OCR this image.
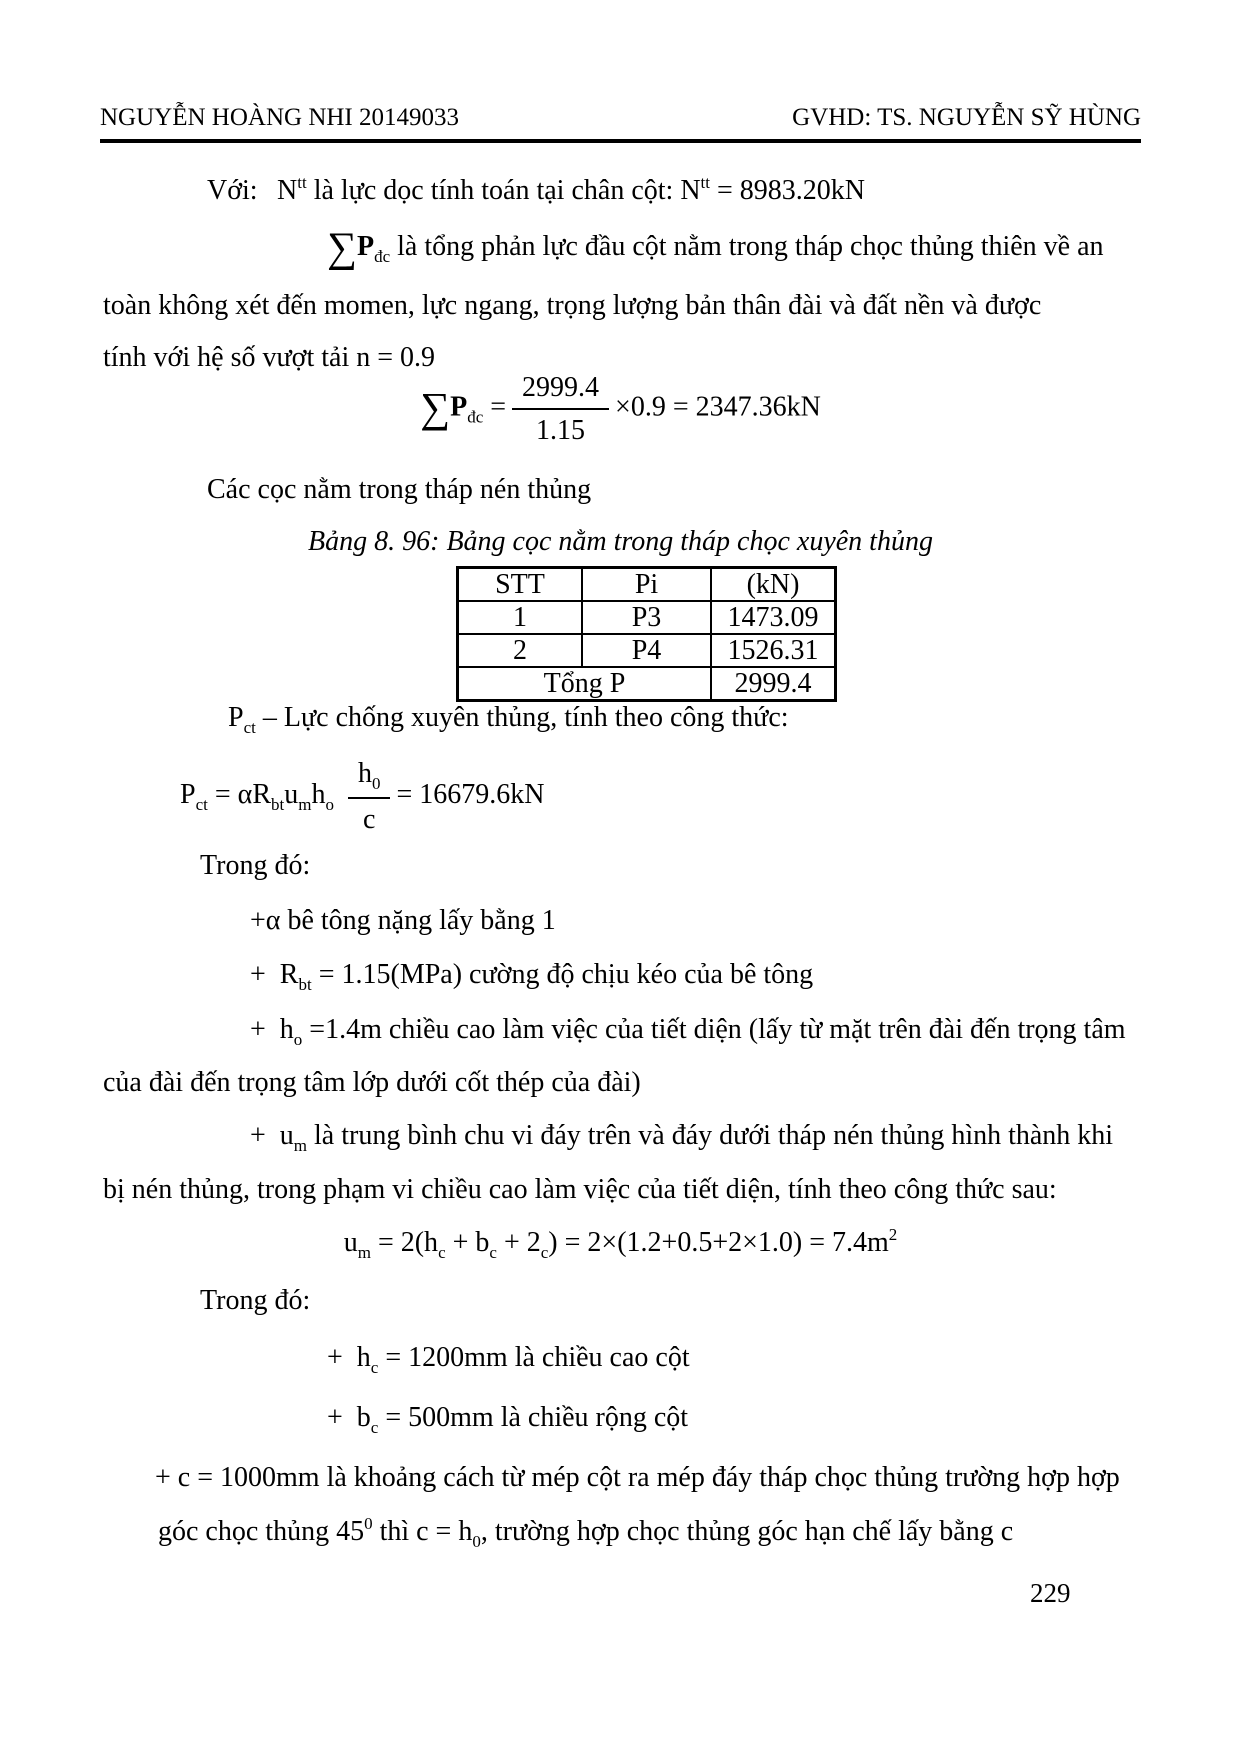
NGUYỄN HOÀNG NHI 20149033	GVHD: TS. NGUYỄN SỸ HÙNG
Với: $N^{tt}$ là lực dọc tính toán tại chân cột: $N^{tt} = 8983.20kN$
$\sum P_{đc}$ là tổng phản lực đầu cột nằm trong tháp chọc thủng thiên về an
toàn không xét đến momen, lực ngang, trọng lượng bản thân đài và đất nền và được
tính với hệ số vượt tải n = 0.9
$\sum P_{đc} = \frac{2999.4}{1.15} \times 0.9 = 2347.36kN$
Các cọc nằm trong tháp nén thủng
Bảng 8. 96: Bảng cọc nằm trong tháp chọc xuyên thủng
STT	Pi	(kN)
1	P3	1473.09
2	P4	1526.31
Tổng P		2999.4
$P_{ct}$ – Lực chống xuyên thủng, tính theo công thức:
$P_{ct} = \alpha R_{bt}u_mh_o \frac{h_0}{c} = 16679.6kN$
Trong đó:
+α bê tông nặng lấy bằng 1
+ $R_{bt} = 1.15(MPa)$ cường độ chịu kéo của bê tông
+ $h_o =1.4m$ chiều cao làm việc của tiết diện (lấy từ mặt trên đài đến trọng tâm
của đài đến trọng tâm lớp dưới cốt thép của đài)
+ $u_m$ là trung bình chu vi đáy trên và đáy dưới tháp nén thủng hình thành khi
bị nén thủng, trong phạm vi chiều cao làm việc của tiết diện, tính theo công thức sau:
$u_m = 2(h_c + b_c + 2_c) = 2\times(1.2+0.5+2\times 1.0) = 7.4m^2$
Trong đó:
+ $h_c = 1200mm$ là chiều cao cột
+ $b_c = 500mm$ là chiều rộng cột
+ c = 1000mm là khoảng cách từ mép cột ra mép đáy tháp chọc thủng trường hợp hợp
góc chọc thủng $45^0$ thì $c = h_0$, trường hợp chọc thủng góc hạn chế lấy bằng c
229
